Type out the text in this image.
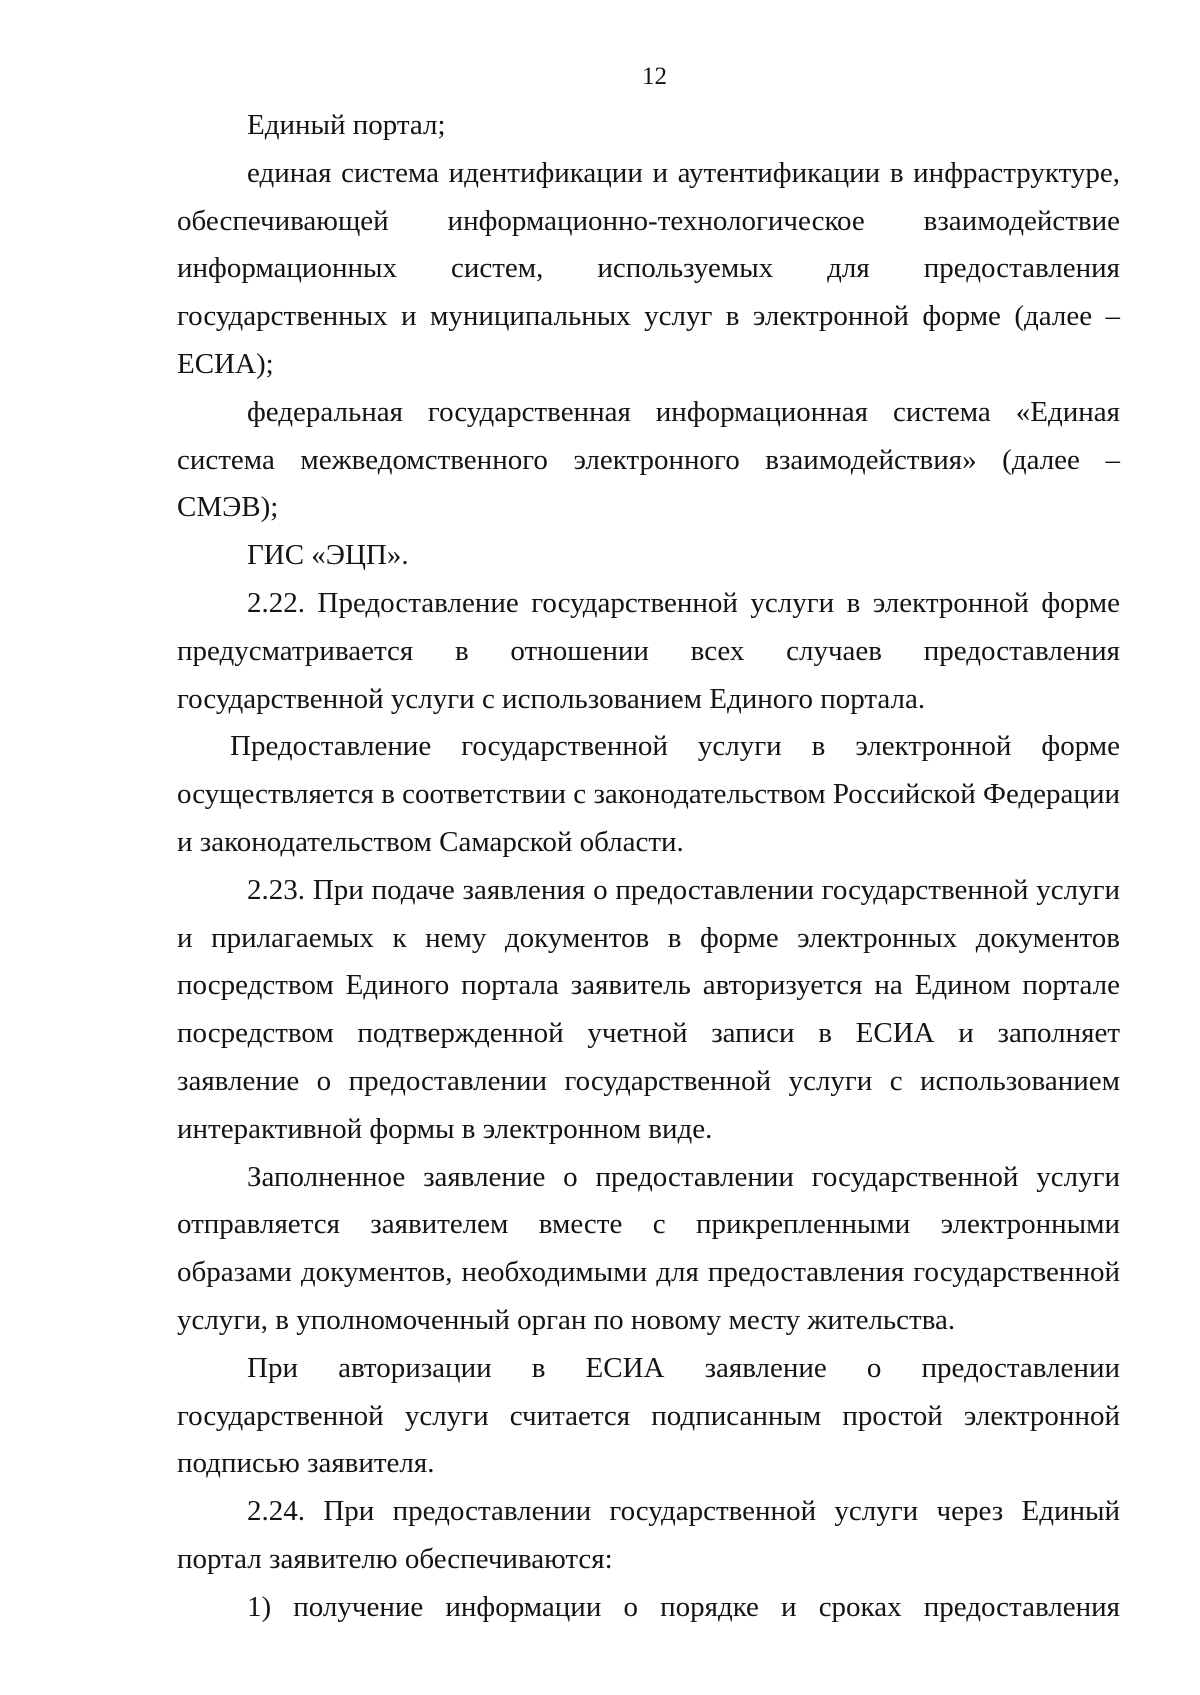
12

Единый портал;

единая система идентификации и аутентификации в инфраструктуре, обеспечивающей информационно-технологическое взаимодействие информационных систем, используемых для предоставления государственных и муниципальных услуг в электронной форме (далее – ЕСИА);

федеральная государственная информационная система «Единая система межведомственного электронного взаимодействия» (далее – СМЭВ);

ГИС «ЭЦП».

2.22. Предоставление государственной услуги в электронной форме предусматривается в отношении всех случаев предоставления государственной услуги с использованием Единого портала.

Предоставление государственной услуги в электронной форме осуществляется в соответствии с законодательством Российской Федерации и законодательством Самарской области.

2.23. При подаче заявления о предоставлении государственной услуги и прилагаемых к нему документов в форме электронных документов посредством Единого портала заявитель авторизуется на Едином портале посредством подтвержденной учетной записи в ЕСИА и заполняет заявление о предоставлении государственной услуги с использованием интерактивной формы в электронном виде.

Заполненное заявление о предоставлении государственной услуги отправляется заявителем вместе с прикрепленными электронными образами документов, необходимыми для предоставления государственной услуги, в уполномоченный орган по новому месту жительства.

При авторизации в ЕСИА заявление о предоставлении государственной услуги считается подписанным простой электронной подписью заявителя.

2.24. При предоставлении государственной услуги через Единый портал заявителю обеспечиваются:

1) получение информации о порядке и сроках предоставления
